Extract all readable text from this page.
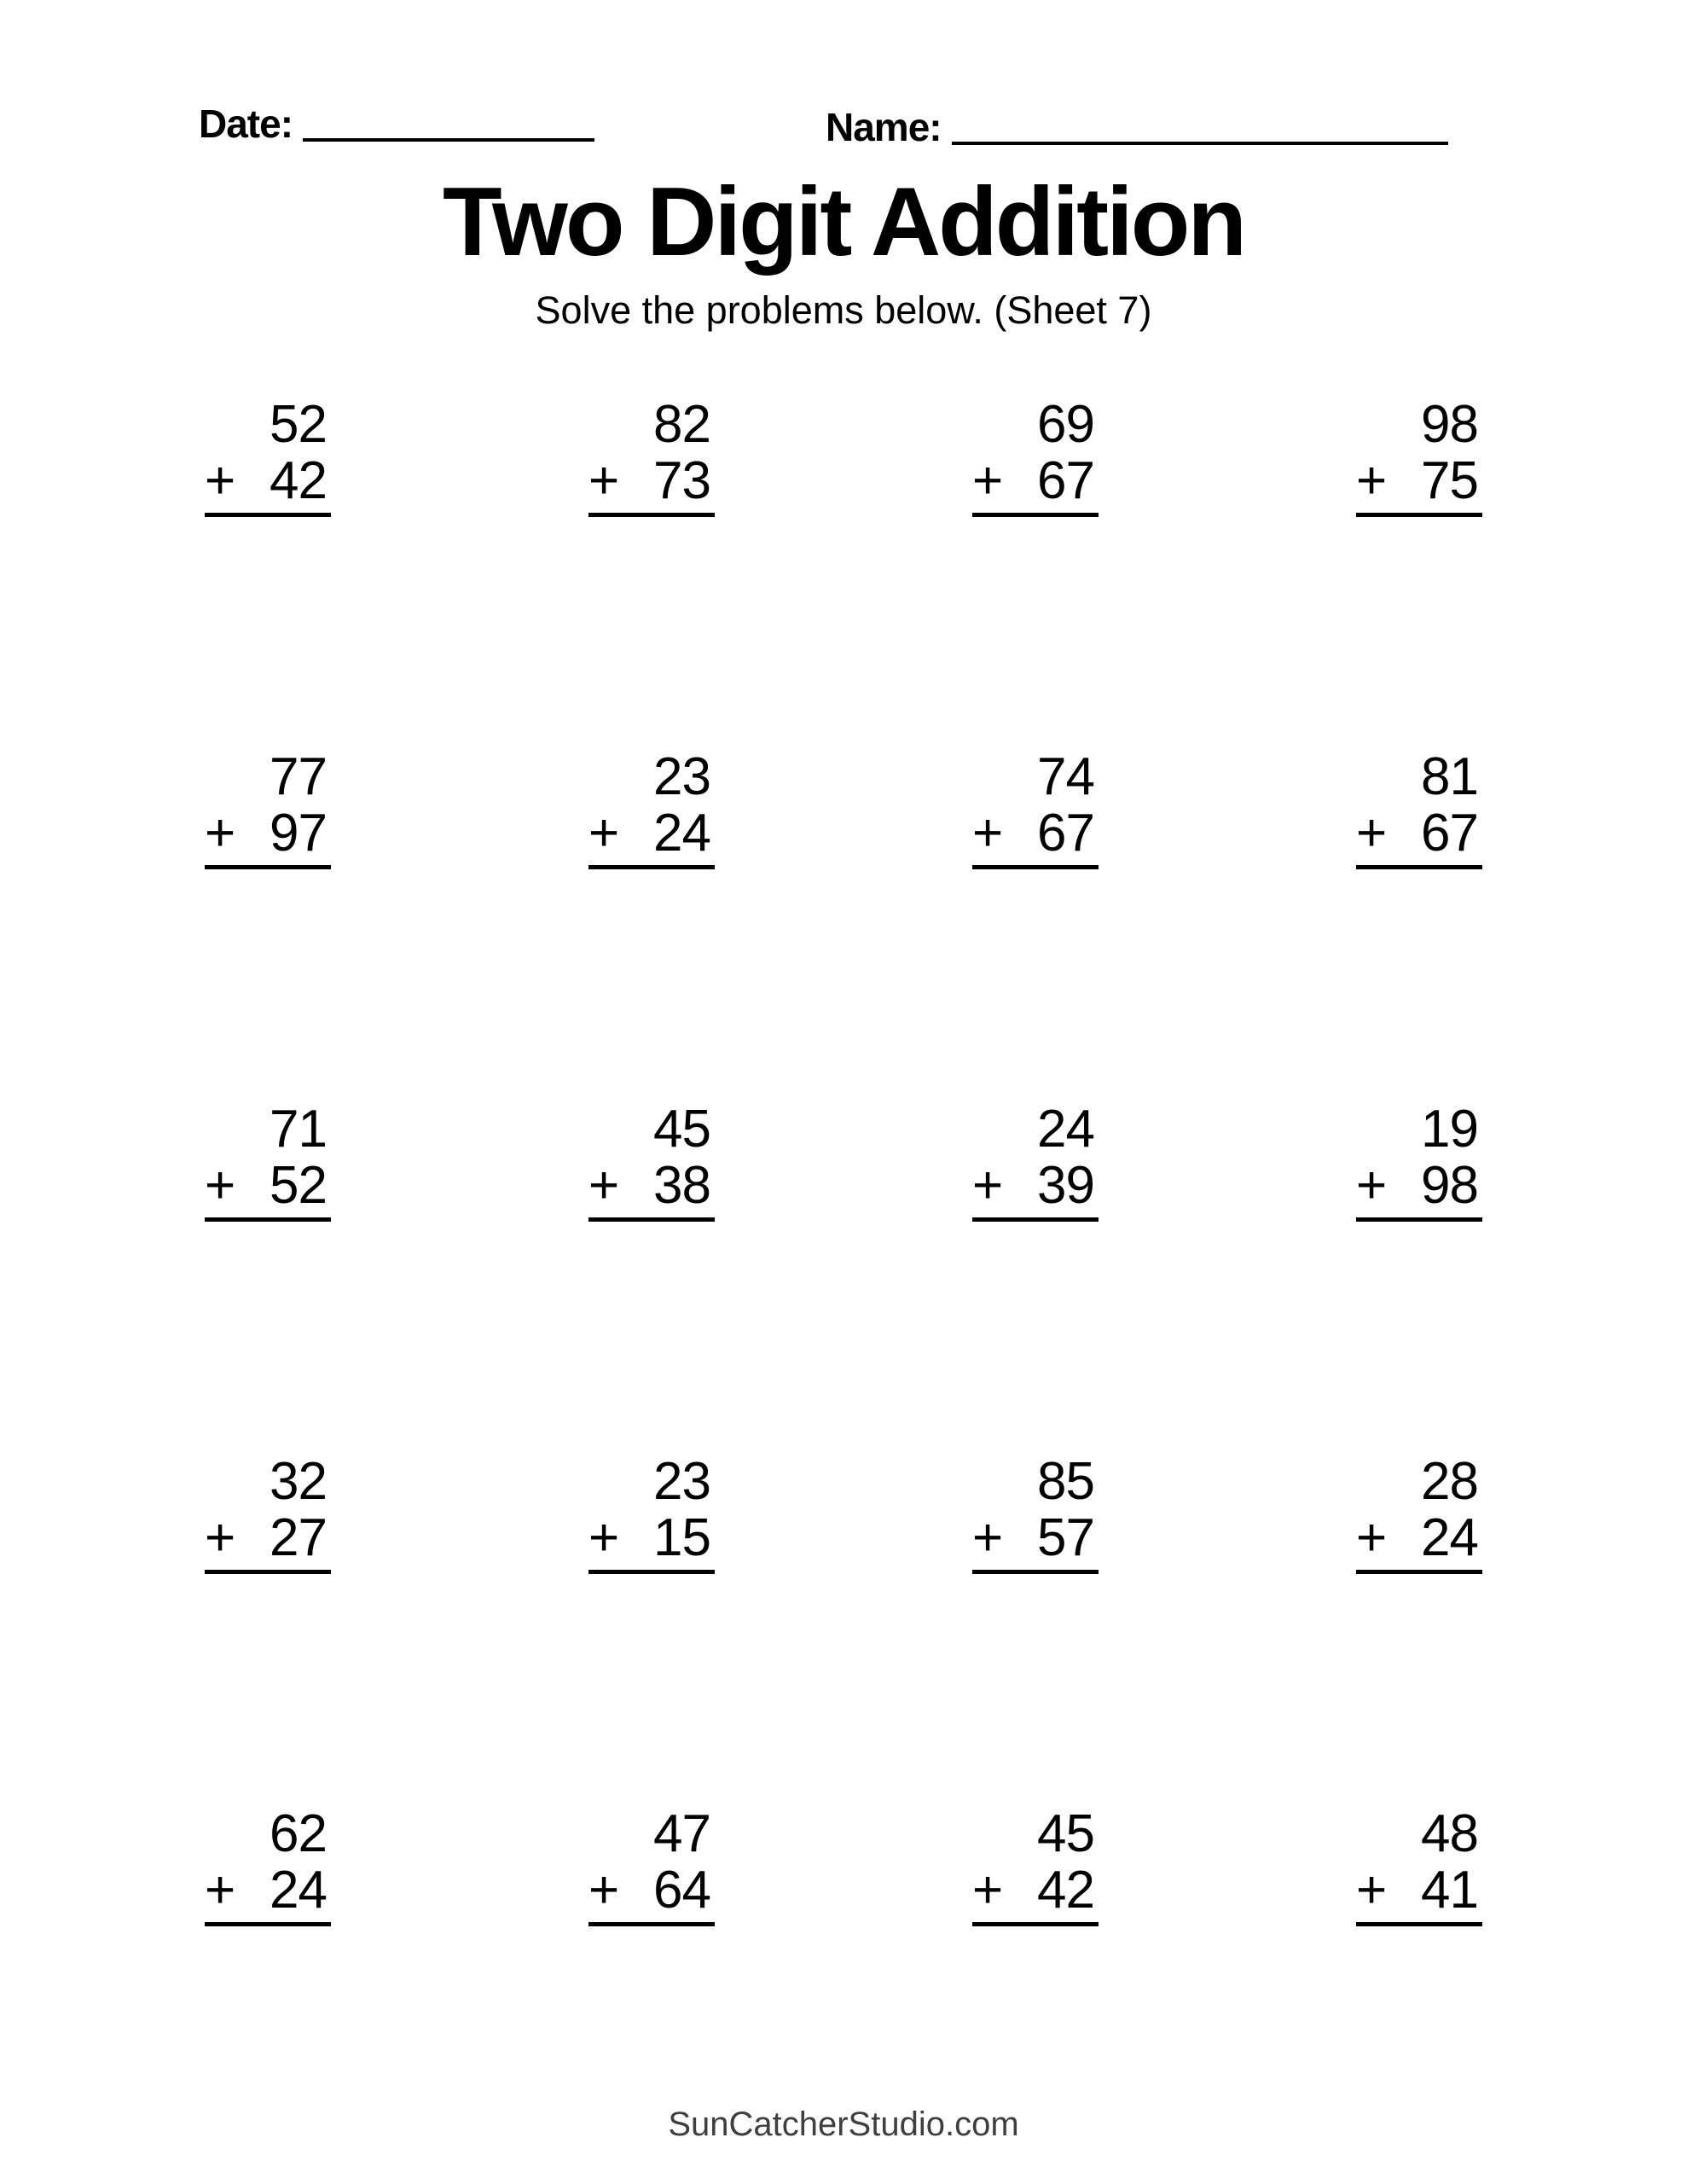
Date:	Name:
Two Digit Addition
Solve the problems below. (Sheet 7)
52
+ 42
82
+ 73
69
+ 67
98
+ 75
77
+ 97
23
+ 24
74
+ 67
81
+ 67
71
+ 52
45
+ 38
24
+ 39
19
+ 98
32
+ 27
23
+ 15
85
+ 57
28
+ 24
62
+ 24
47
+ 64
45
+ 42
48
+ 41
SunCatcherStudio.com
